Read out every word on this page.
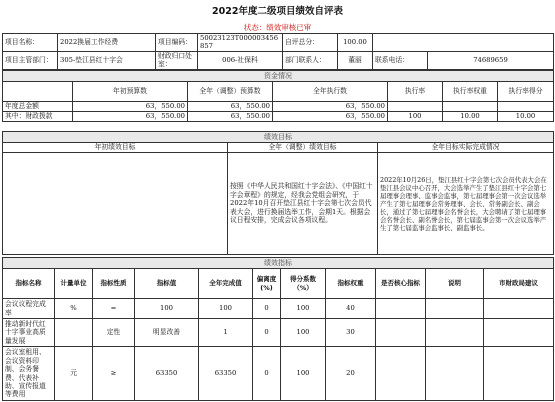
2022年度二级项目绩效自评表
状态：绩效审核已审
项目名称：	2022换届工作经费	项目编码：	50023123T000003456857	自评总分：	100.00		
项目主管部门：	305-垫江县红十字会	财政归口处室：	006-社保科	部门联系人：	董丽	联系电话：	74689659
资金情况						
	年初预算数	全年（调整）预算数	全年执行数	执行率	执行率权重	执行率得分
年度总金额	63，550.00	63，550.00	63，550.00			
其中：财政拨款	63，550.00	63，550.00	63，550.00	100	10.00	10.00
绩效目标		
年初绩效目标	全年（调整）绩效目标	全年目标实际完成情况
	按照《中华人民共和国红十字会法》、《中国红十字会章程》的规定，经我会党组会研究，于2022年10月召开垫江县红十字会第七次会员代表大会，进行换届选举工作，会期1天。根据会议日程安排，完成会议各项议程。	2022年10月26日，垫江县红十字会第七次会员代表大会在垫江县会议中心召开，大会选举产生了垫江县红十字会第七届理事会理事、监事会监事，第七届理事会第一次会议选举产生了第七届理事会常务理事、会长、常务副会长、副会长，通过了第七届理事会名誉会长，大会聘请了第七届理事会名誉会长、副名誉会长，第七届监事会第一次会议选举产生了第七届监事会监事长、副监事长。
绩效指标										
指标名称	计量单位	指标性质	指标值	全年完成值	偏离度(%)	得分系数（%）	指标权重	是否核心指标	说明	市财政局建议
会议议程完成率	%	=	100	100	0	100	40			
推动新时代红十字事业高质量发展		定性	明显改善	1	0	100	30			
会议室租用、会议资料印制、会务餐费、代表补助、宣传报道等费用	元	≥	63350	63350	0	100	20			
